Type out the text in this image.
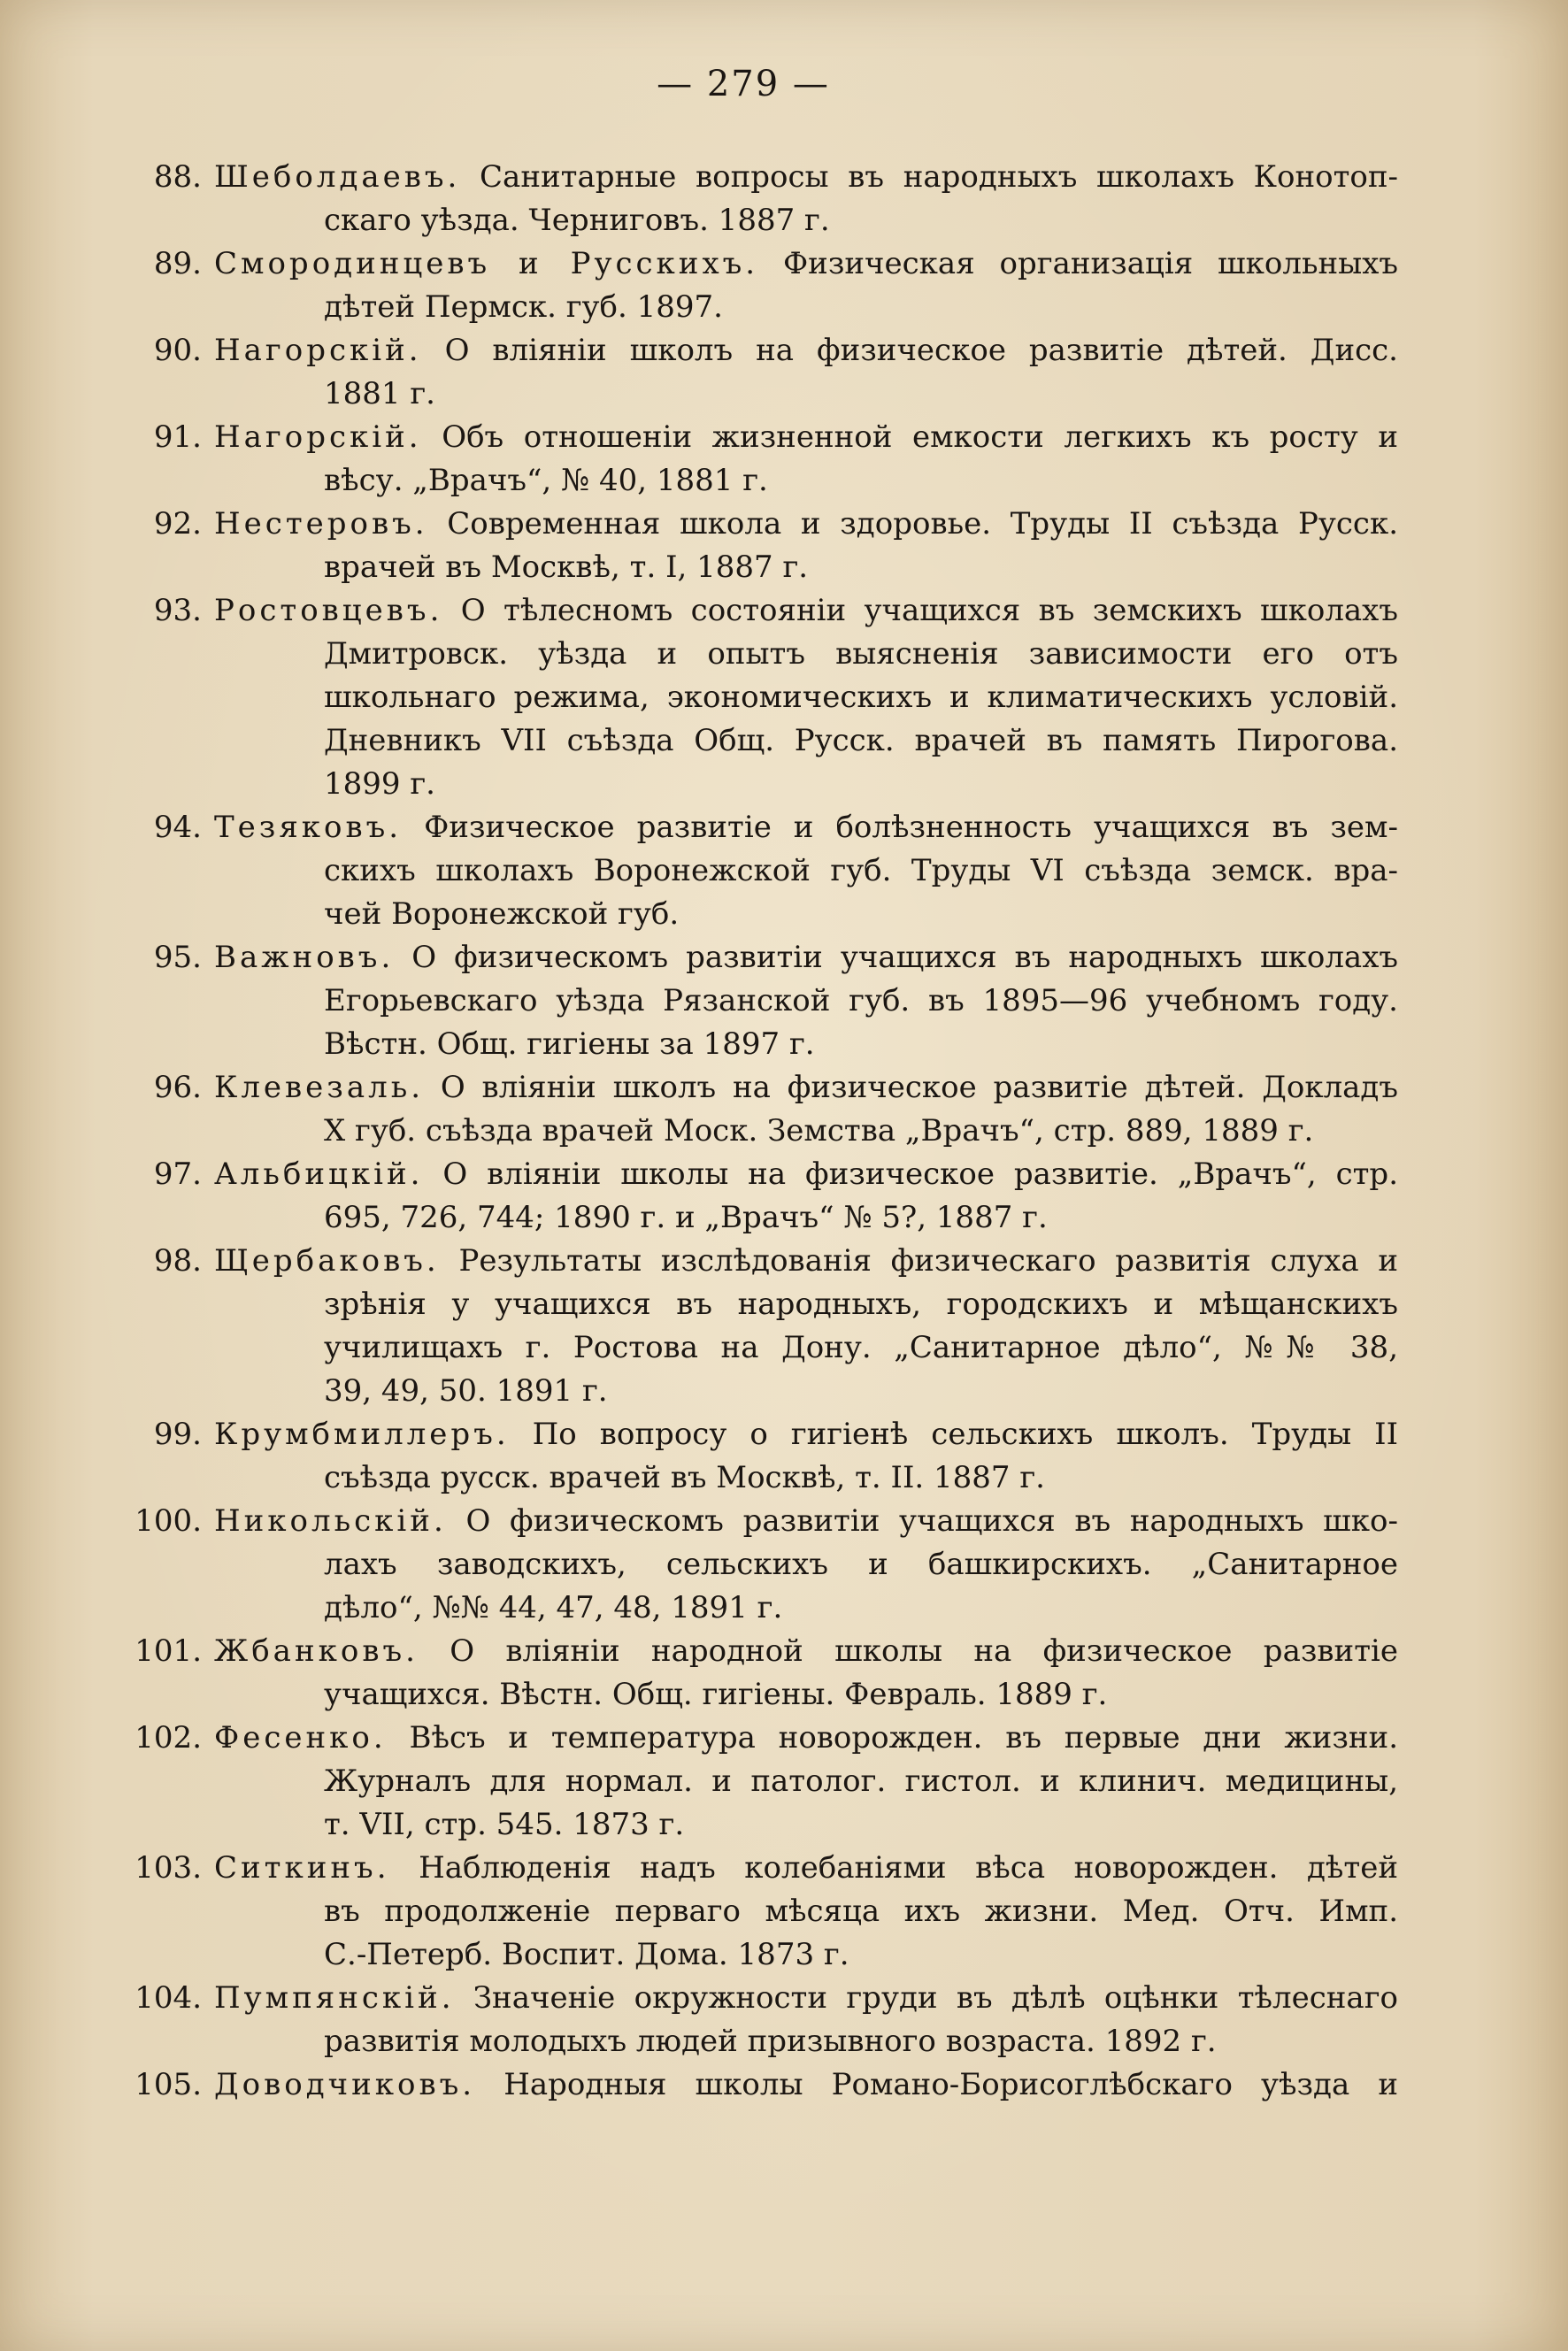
— 279 —
88. Шеболдаевъ. Санитарные вопросы въ народныхъ школахъ Конотоп-
скаго уѣзда. Черниговъ. 1887 г.
89. Смородинцевъ и Русскихъ. Физическая организація школьныхъ
дѣтей Пермск. губ. 1897.
90. Нагорскій. О вліяніи школъ на физическое развитіе дѣтей. Дисс.
1881 г.
91. Нагорскій. Объ отношеніи жизненной емкости легкихъ къ росту и
вѣсу. „Врачъ“, № 40, 1881 г.
92. Нестеровъ. Современная школа и здоровье. Труды II съѣзда Русск.
врачей въ Москвѣ, т. I, 1887 г.
93. Ростовцевъ. О тѣлесномъ состояніи учащихся въ земскихъ школахъ
Дмитровск. уѣзда и опытъ выясненія зависимости его отъ
школьнаго режима, экономическихъ и климатическихъ условій.
Дневникъ VII съѣзда Общ. Русск. врачей въ память Пирогова.
1899 г.
94. Тезяковъ. Физическое развитіе и болѣзненность учащихся въ зем-
скихъ школахъ Воронежской губ. Труды VI съѣзда земск. вра-
чей Воронежской губ.
95. Важновъ. О физическомъ развитіи учащихся въ народныхъ школахъ
Егорьевскаго уѣзда Рязанской губ. въ 1895—96 учебномъ году.
Вѣстн. Общ. гигіены за 1897 г.
96. Клевезаль. О вліяніи школъ на физическое развитіе дѣтей. Докладъ
X губ. съѣзда врачей Моск. Земства „Врачъ“, стр. 889, 1889 г.
97. Альбицкій. О вліяніи школы на физическое развитіе. „Врачъ“, стр.
695, 726, 744; 1890 г. и „Врачъ“ № 5?, 1887 г.
98. Щербаковъ. Результаты изслѣдованія физическаго развитія слуха и
зрѣнія у учащихся въ народныхъ, городскихъ и мѣщанскихъ
училищахъ г. Ростова на Дону. „Санитарное дѣло“, №№ 38,
39, 49, 50. 1891 г.
99. Крумбмиллеръ. По вопросу о гигіенѣ сельскихъ школъ. Труды II
съѣзда русск. врачей въ Москвѣ, т. II. 1887 г.
100. Никольскій. О физическомъ развитіи учащихся въ народныхъ шко-
лахъ заводскихъ, сельскихъ и башкирскихъ. „Санитарное
дѣло“, №№ 44, 47, 48, 1891 г.
101. Жбанковъ. О вліяніи народной школы на физическое развитіе
учащихся. Вѣстн. Общ. гигіены. Февраль. 1889 г.
102. Фесенко. Вѣсъ и температура новорожден. въ первые дни жизни.
Журналъ для нормал. и патолог. гистол. и клинич. медицины,
т. VII, стр. 545. 1873 г.
103. Ситкинъ. Наблюденія надъ колебаніями вѣса новорожден. дѣтей
въ продолженіе перваго мѣсяца ихъ жизни. Мед. Отч. Имп.
С.-Петерб. Воспит. Дома. 1873 г.
104. Пумпянскій. Значеніе окружности груди въ дѣлѣ оцѣнки тѣлеснаго
развитія молодыхъ людей призывного возраста. 1892 г.
105. Доводчиковъ. Народныя школы Романо-Борисоглѣбскаго уѣзда и
